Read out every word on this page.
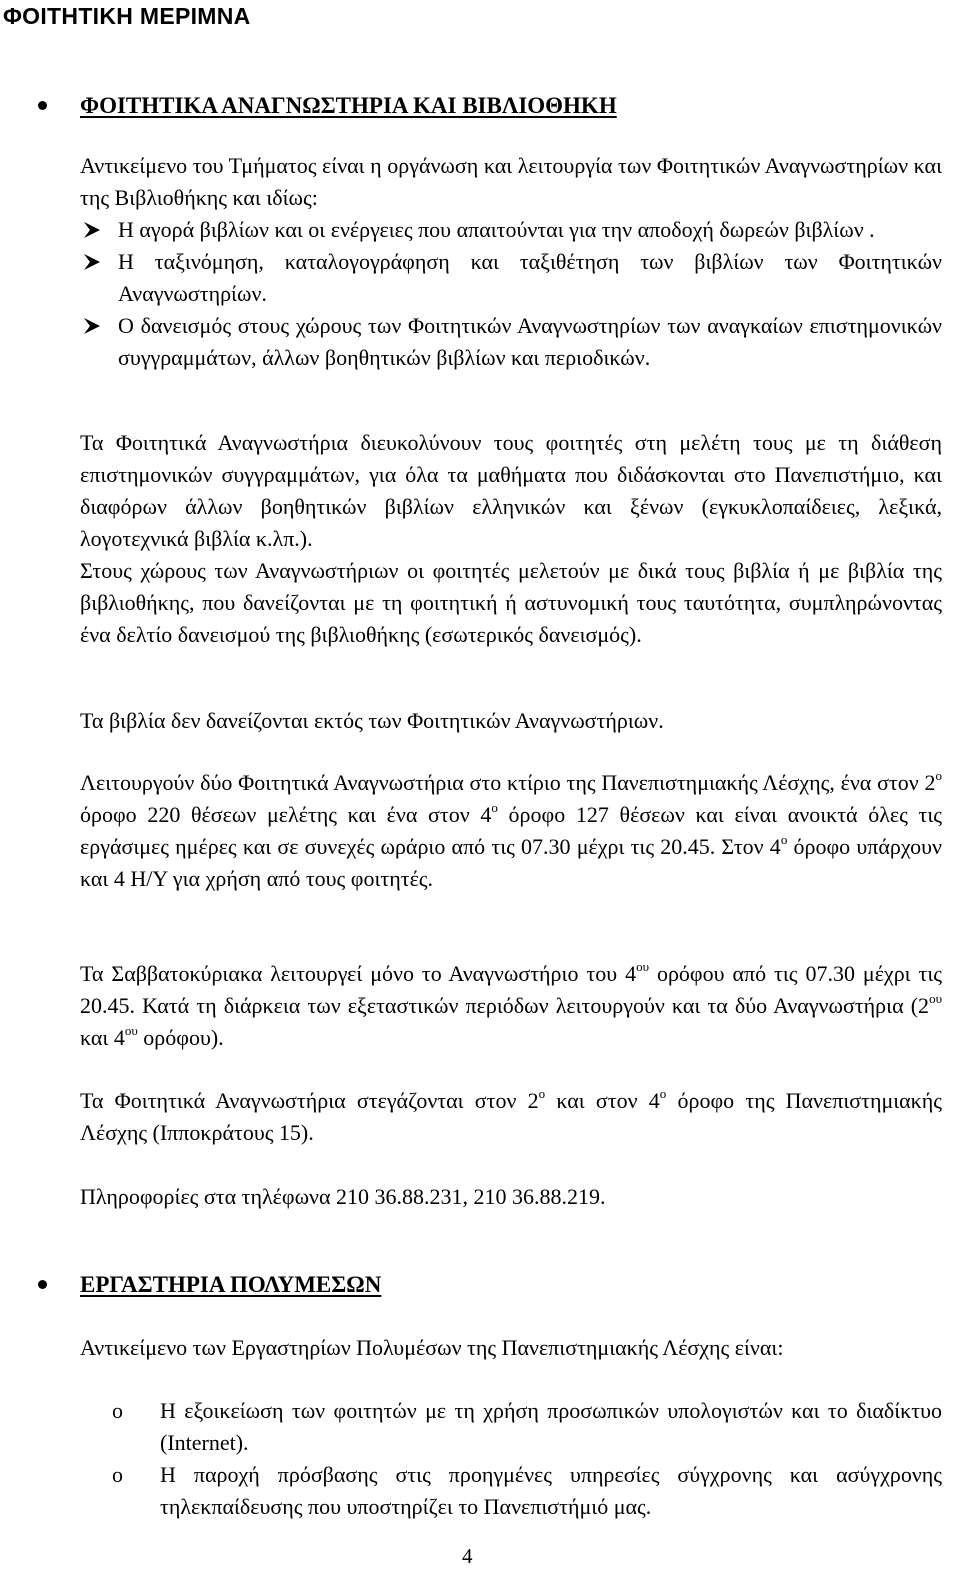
ΦΟΙΤΗΤΙΚΗ ΜΕΡΙΜΝΑ
ΦΟΙΤΗΤΙΚΑ ΑΝΑΓΝΩΣΤΗΡΙΑ ΚΑΙ ΒΙΒΛΙΟΘΗΚΗ

Αντικείμενο του Τμήματος είναι η οργάνωση και λειτουργία των Φοιτητικών Αναγνωστηρίων και της Βιβλιοθήκης και ιδίως:

Η αγορά βιβλίων και οι ενέργειες που απαιτούνται για την αποδοχή δωρεών βιβλίων .
Η ταξινόμηση, καταλογογράφηση και ταξιθέτηση των βιβλίων των Φοιτητικών Αναγνωστηρίων.
Ο δανεισμός στους χώρους των Φοιτητικών Αναγνωστηρίων των αναγκαίων επιστημονικών συγγραμμάτων, άλλων βοηθητικών βιβλίων και περιοδικών.

Τα Φοιτητικά Αναγνωστήρια διευκολύνουν τους φοιτητές στη μελέτη τους με τη διάθεση επιστημονικών συγγραμμάτων, για όλα τα μαθήματα που διδάσκονται στο Πανεπιστήμιο, και διαφόρων άλλων βοηθητικών βιβλίων ελληνικών και ξένων (εγκυκλοπαίδειες, λεξικά, λογοτεχνικά βιβλία κ.λπ.).

Στους χώρους των Αναγνωστήριων οι φοιτητές μελετούν με δικά τους βιβλία ή με βιβλία της βιβλιοθήκης, που δανείζονται με τη φοιτητική ή αστυνομική τους ταυτότητα, συμπληρώνοντας ένα δελτίο δανεισμού της βιβλιοθήκης (εσωτερικός δανεισμός).

Τα βιβλία δεν δανείζονται εκτός των Φοιτητικών Αναγνωστήριων.
Λειτουργούν δύο Φοιτητικά Αναγνωστήρια στο κτίριο της Πανεπιστημιακής Λέσχης, ένα στον $2^o$ όροφο 220 θέσεων μελέτης και ένα στον $4^o$ όροφο 127 θέσεων και είναι ανοικτά όλες τις εργάσιμες ημέρες και σε συνεχές ωράριο από τις 07.30 μέχρι τις 20.45. Στον $4^o$ όροφο υπάρχουν και 4 Η/Υ για χρήση από τους φοιτητές.
Τα Σαββατοκύριακα λειτουργεί μόνο το Αναγνωστήριο του $4^{o\upsilon}$ ορόφου από τις 07.30 μέχρι τις 20.45. Κατά τη διάρκεια των εξεταστικών περιόδων λειτουργούν και τα δύο Αναγνωστήρια ($2^{o\upsilon}$ και $4^{o\upsilon}$ ορόφου).
Τα Φοιτητικά Αναγνωστήρια στεγάζονται στον $2^o$ και στον $4^o$ όροφο της Πανεπιστημιακής Λέσχης (Ιπποκράτους 15).
Πληροφορίες στα τηλέφωνα 210 36.88.231, 210 36.88.219.
ΕΡΓΑΣΤΗΡΙΑ ΠΟΛΥΜΕΣΩΝ
Αντικείμενο των Εργαστηρίων Πολυμέσων της Πανεπιστημιακής Λέσχης είναι:
o Η εξοικείωση των φοιτητών με τη χρήση προσωπικών υπολογιστών και το διαδίκτυο (Internet).
o Η παροχή πρόσβασης στις προηγμένες υπηρεσίες σύγχρονης και ασύγχρονης τηλεκπαίδευσης που υποστηρίζει το Πανεπιστήμιό μας.
4
